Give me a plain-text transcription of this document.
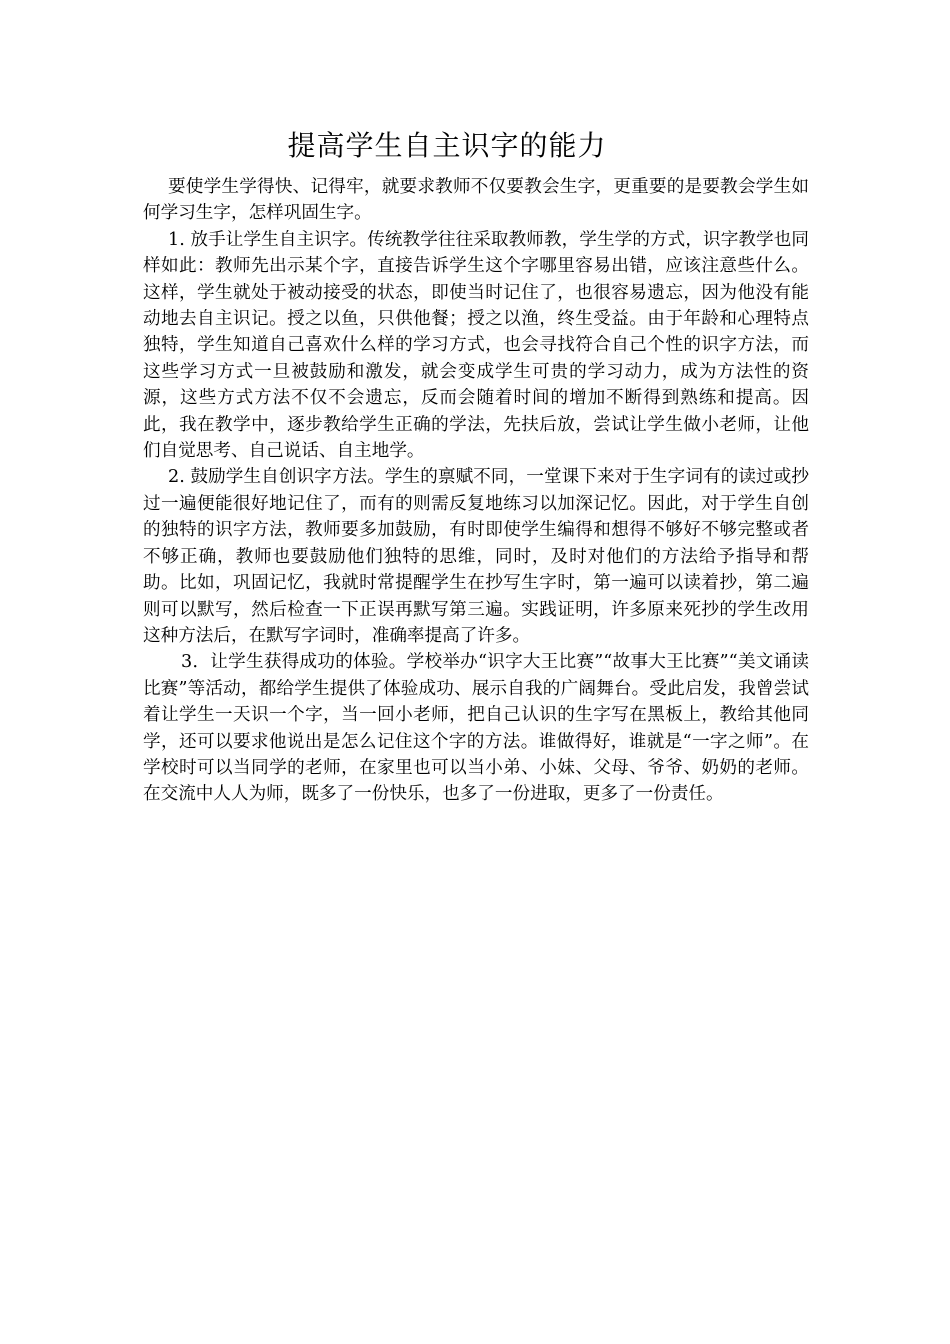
提高学生自主识字的能力

要使学生学得快、记得牢，就要求教师不仅要教会生字，更重要的是要教会学生如何学习生字，怎样巩固生字。

1. 放手让学生自主识字。传统教学往往采取教师教，学生学的方式，识字教学也同样如此：教师先出示某个字，直接告诉学生这个字哪里容易出错，应该注意些什么。这样，学生就处于被动接受的状态，即使当时记住了，也很容易遗忘，因为他没有能动地去自主识记。授之以鱼，只供他餐；授之以渔，终生受益。由于年龄和心理特点独特，学生知道自己喜欢什么样的学习方式，也会寻找符合自己个性的识字方法，而这些学习方式一旦被鼓励和激发，就会变成学生可贵的学习动力，成为方法性的资源，这些方式方法不仅不会遗忘，反而会随着时间的增加不断得到熟练和提高。因此，我在教学中，逐步教给学生正确的学法，先扶后放，尝试让学生做小老师，让他们自觉思考、自己说话、自主地学。

2. 鼓励学生自创识字方法。学生的禀赋不同，一堂课下来对于生字词有的读过或抄过一遍便能很好地记住了，而有的则需反复地练习以加深记忆。因此，对于学生自创的独特的识字方法，教师要多加鼓励，有时即使学生编得和想得不够好不够完整或者不够正确，教师也要鼓励他们独特的思维，同时，及时对他们的方法给予指导和帮助。比如，巩固记忆，我就时常提醒学生在抄写生字时，第一遍可以读着抄，第二遍则可以默写，然后检查一下正误再默写第三遍。实践证明，许多原来死抄的学生改用这种方法后，在默写字词时，准确率提高了许多。

3．让学生获得成功的体验。学校举办“识字大王比赛”“故事大王比赛”“美文诵读比赛”等活动，都给学生提供了体验成功、展示自我的广阔舞台。受此启发，我曾尝试着让学生一天识一个字，当一回小老师，把自己认识的生字写在黑板上，教给其他同学，还可以要求他说出是怎么记住这个字的方法。谁做得好，谁就是“一字之师”。在学校时可以当同学的老师，在家里也可以当小弟、小妹、父母、爷爷、奶奶的老师。在交流中人人为师，既多了一份快乐，也多了一份进取，更多了一份责任。
